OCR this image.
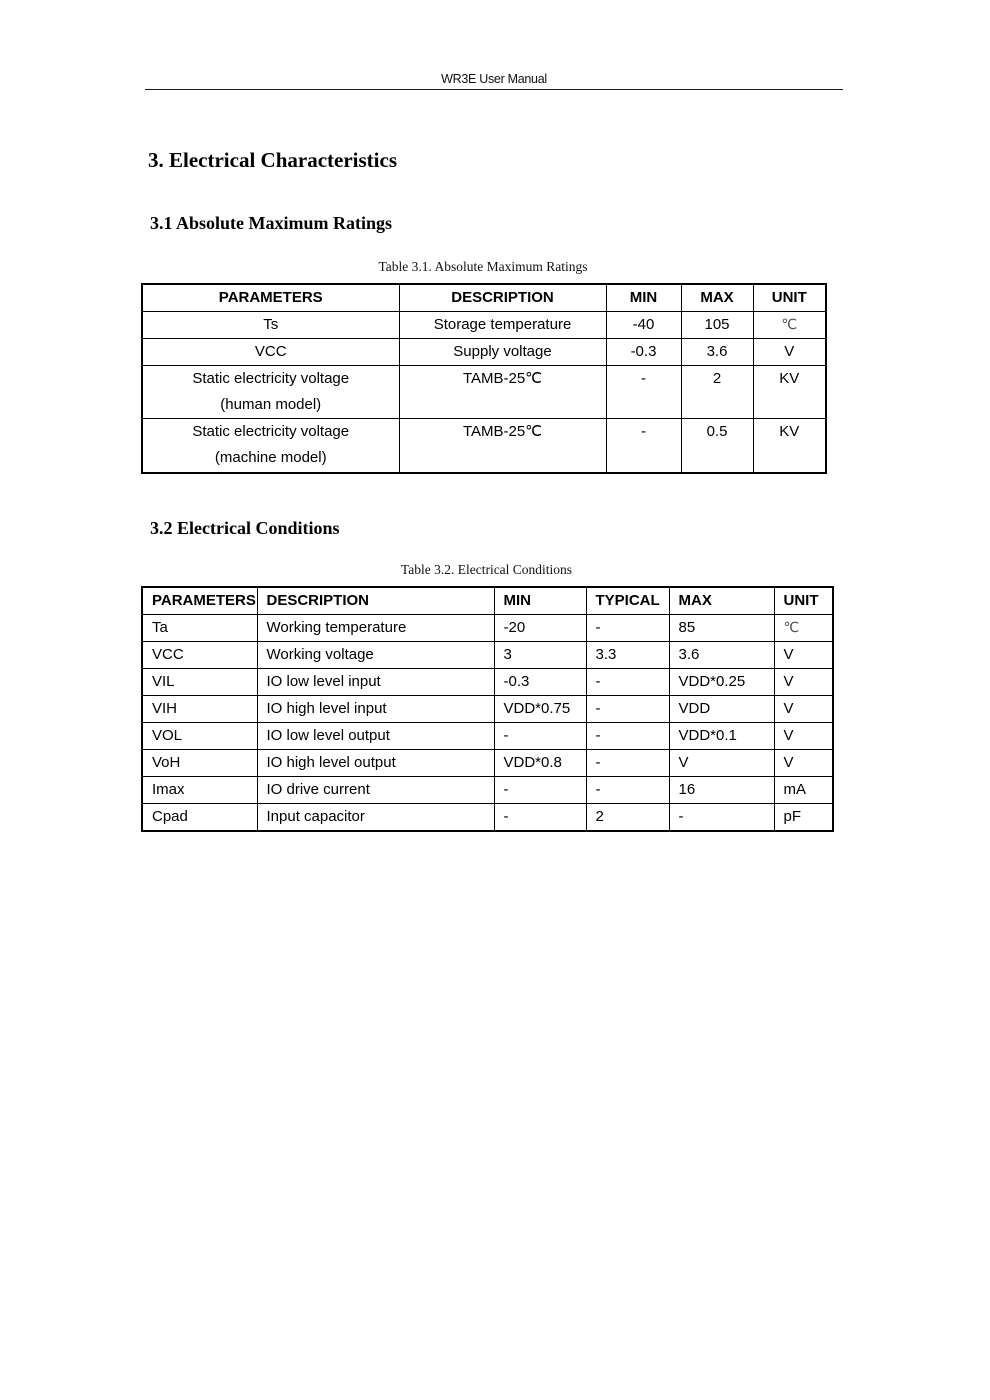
WR3E User Manual
3. Electrical Characteristics
3.1 Absolute Maximum Ratings
Table 3.1. Absolute Maximum Ratings
PARAMETERS	DESCRIPTION	MIN	MAX	UNIT
Ts	Storage temperature	-40	105	℃
VCC	Supply voltage	-0.3	3.6	V

Static electricity voltage
(human model)	TAMB-25℃	-	2	KV

Static electricity voltage
(machine model)	TAMB-25℃	-	0.5	KV
3.2 Electrical Conditions
Table 3.2. Electrical Conditions
PARAMETERS	DESCRIPTION	MIN	TYPICAL	MAX	UNIT
Ta	Working temperature	-20	-	85	℃
VCC	Working voltage	3	3.3	3.6	V
VIL	IO low level input	-0.3	-	VDD*0.25	V
VIH	IO high level input	VDD*0.75	-	VDD	V
VOL	IO low level output	-	-	VDD*0.1	V
VoH	IO high level output	VDD*0.8	-	V	V
Imax	IO drive current	-	-	16	mA
Cpad	Input capacitor	-	2	-	pF
